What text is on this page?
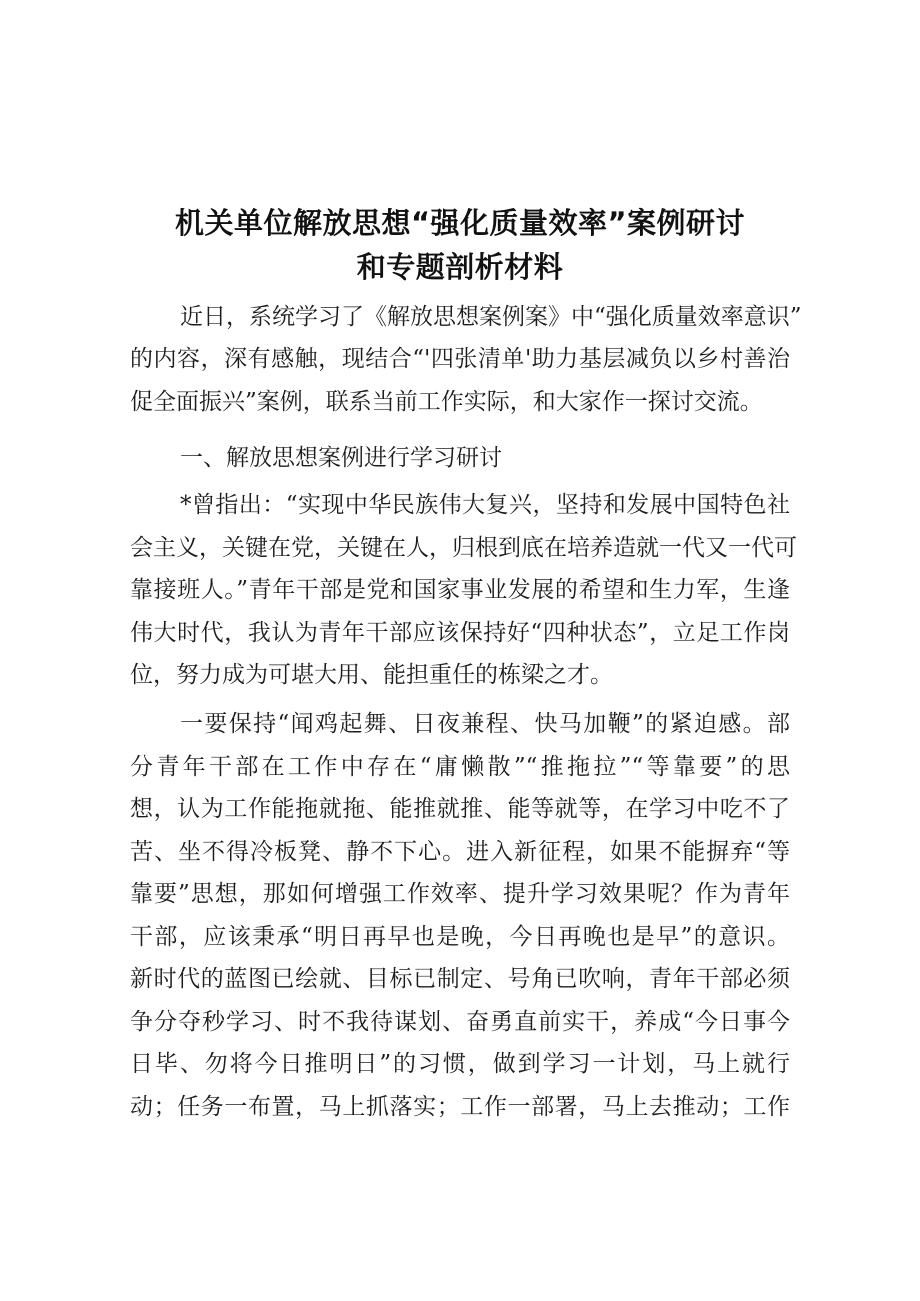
机关单位解放思想“强化质量效率”案例研讨
和专题剖析材料
近日，系统学习了《解放思想案例案》中“强化质量效率意识”
的内容，深有感触，现结合“'四张清单'助力基层减负以乡村善治
促全面振兴”案例，联系当前工作实际，和大家作一探讨交流。
一、解放思想案例进行学习研讨
*曾指出：“实现中华民族伟大复兴，坚持和发展中国特色社
会主义，关键在党，关键在人，归根到底在培养造就一代又一代可
靠接班人。”青年干部是党和国家事业发展的希望和生力军，生逢
伟大时代，我认为青年干部应该保持好“四种状态”，立足工作岗
位，努力成为可堪大用、能担重任的栋梁之才。
一要保持“闻鸡起舞、日夜兼程、快马加鞭”的紧迫感。部
分青年干部在工作中存在“庸懒散”“推拖拉”“等靠要”的思
想，认为工作能拖就拖、能推就推、能等就等，在学习中吃不了
苦、坐不得冷板凳、静不下心。进入新征程，如果不能摒弃“等
靠要”思想，那如何增强工作效率、提升学习效果呢？作为青年
干部，应该秉承“明日再早也是晚，今日再晚也是早”的意识。
新时代的蓝图已绘就、目标已制定、号角已吹响，青年干部必须
争分夺秒学习、时不我待谋划、奋勇直前实干，养成“今日事今
日毕、勿将今日推明日”的习惯，做到学习一计划，马上就行
动；任务一布置，马上抓落实；工作一部署，马上去推动；工作
